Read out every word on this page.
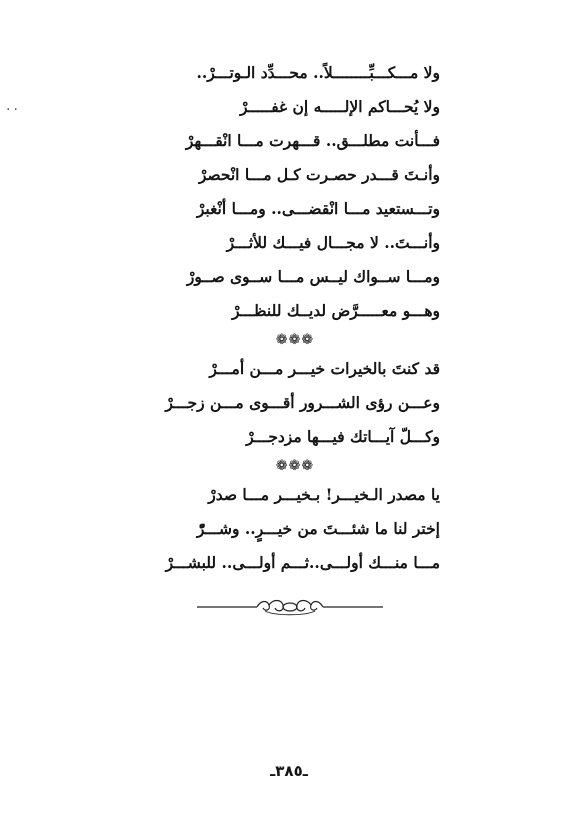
..
ولا مـــكـــبِّــــــــلاً.. محـــدِّد الـوتـــرْ..
ولا يُحـــاكم الإلـــــه إن غفـــــرْ
فـــأنت مطلـــق.. قـــهرت مـــا انْقـــهرْ
وأنـتَ قـــدر حصـرت كـل مـــا انْحصرْ
وتـــستعيد مـــا انْقضـــى.. ومـــا أنْغبرْ
وأنـــتَ.. لا مجـــال فيـــك للأثـــرْ
ومـــا ســواك ليــس مـــا ســوى صــورْ
وهـــو معـــــرَّض لديــك للنظـــرْ
❁❁❁
قد كنتَ بالخيرات خيـــر مـــن أمـــرْ
وعـــن رؤى الشـــرور أقـــوى مـــن زجـــرْ
وكـــلّ آيـــاتك فيـــها مزدجـــرْ
❁❁❁
يا مصدر الـخيـــر! بـخيـــر مـــا صدرْ
إختر لنا ما شئـــتَ من خيـــرٍ.. وشـــرّْ
مـــا منـــك أولـــى..ثـــم أولـــى.. للبشـــرْ
ـ٣٨٥ـ
